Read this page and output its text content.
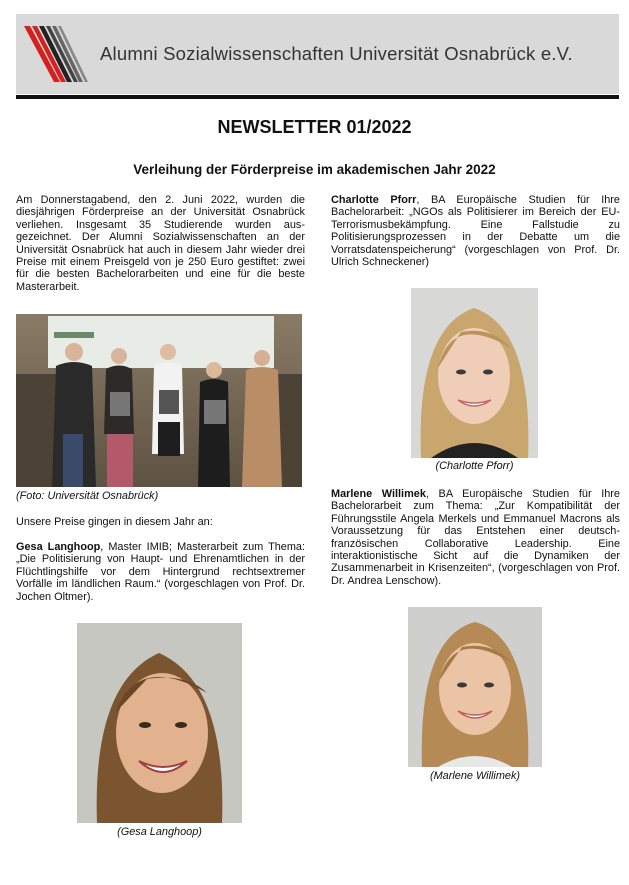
Alumni Sozialwissenschaften Universität Osnabrück e.V.
NEWSLETTER 01/2022
Verleihung der Förderpreise im akademischen Jahr 2022

Am Donnerstagabend, den 2. Juni 2022, wurden die diesjährigen Förderpreise an der Universität Osnabrück verliehen. Insgesamt 35 Studierende wurden aus-gezeichnet. Der Alumni Sozialwissenschaften an der Universität Osnabrück hat auch in diesem Jahr wieder drei Preise mit einem Preisgeld von je 250 Euro gestiftet: zwei für die besten Bachelorarbeiten und eine für die beste Masterarbeit.

(Foto: Universität Osnabrück)

Unsere Preise gingen in diesem Jahr an:

Gesa Langhoop, Master IMIB; Masterarbeit zum Thema: „Die Politisierung von Haupt- und Ehrenamtlichen in der Flüchtlingshilfe vor dem Hintergrund rechtsextremer Vorfälle im ländlichen Raum.“ (vorgeschlagen von Prof. Dr. Jochen Oltmer).

(Gesa Langhoop)

Charlotte Pforr, BA Europäische Studien für Ihre Bachelorarbeit: „NGOs als Politisierer im Bereich der EU-Terrorismusbekämpfung. Eine Fallstudie zu Politisierungsprozessen in der Debatte um die Vorratsdatenspeicherung“ (vorgeschlagen von Prof. Dr. Ulrich Schneckener)

(Charlotte Pforr)

Marlene Willimek, BA Europäische Studien für Ihre Bachelorarbeit zum Thema: „Zur Kompatibilität der Führungsstile Angela Merkels und Emmanuel Macrons als Voraussetzung für das Entstehen einer deutsch-französischen Collaborative Leadership. Eine interaktionistische Sicht auf die Dynamiken der Zusammenarbeit in Krisenzeiten“, (vorgeschlagen von Prof. Dr. Andrea Lenschow).

(Marlene Willimek)
